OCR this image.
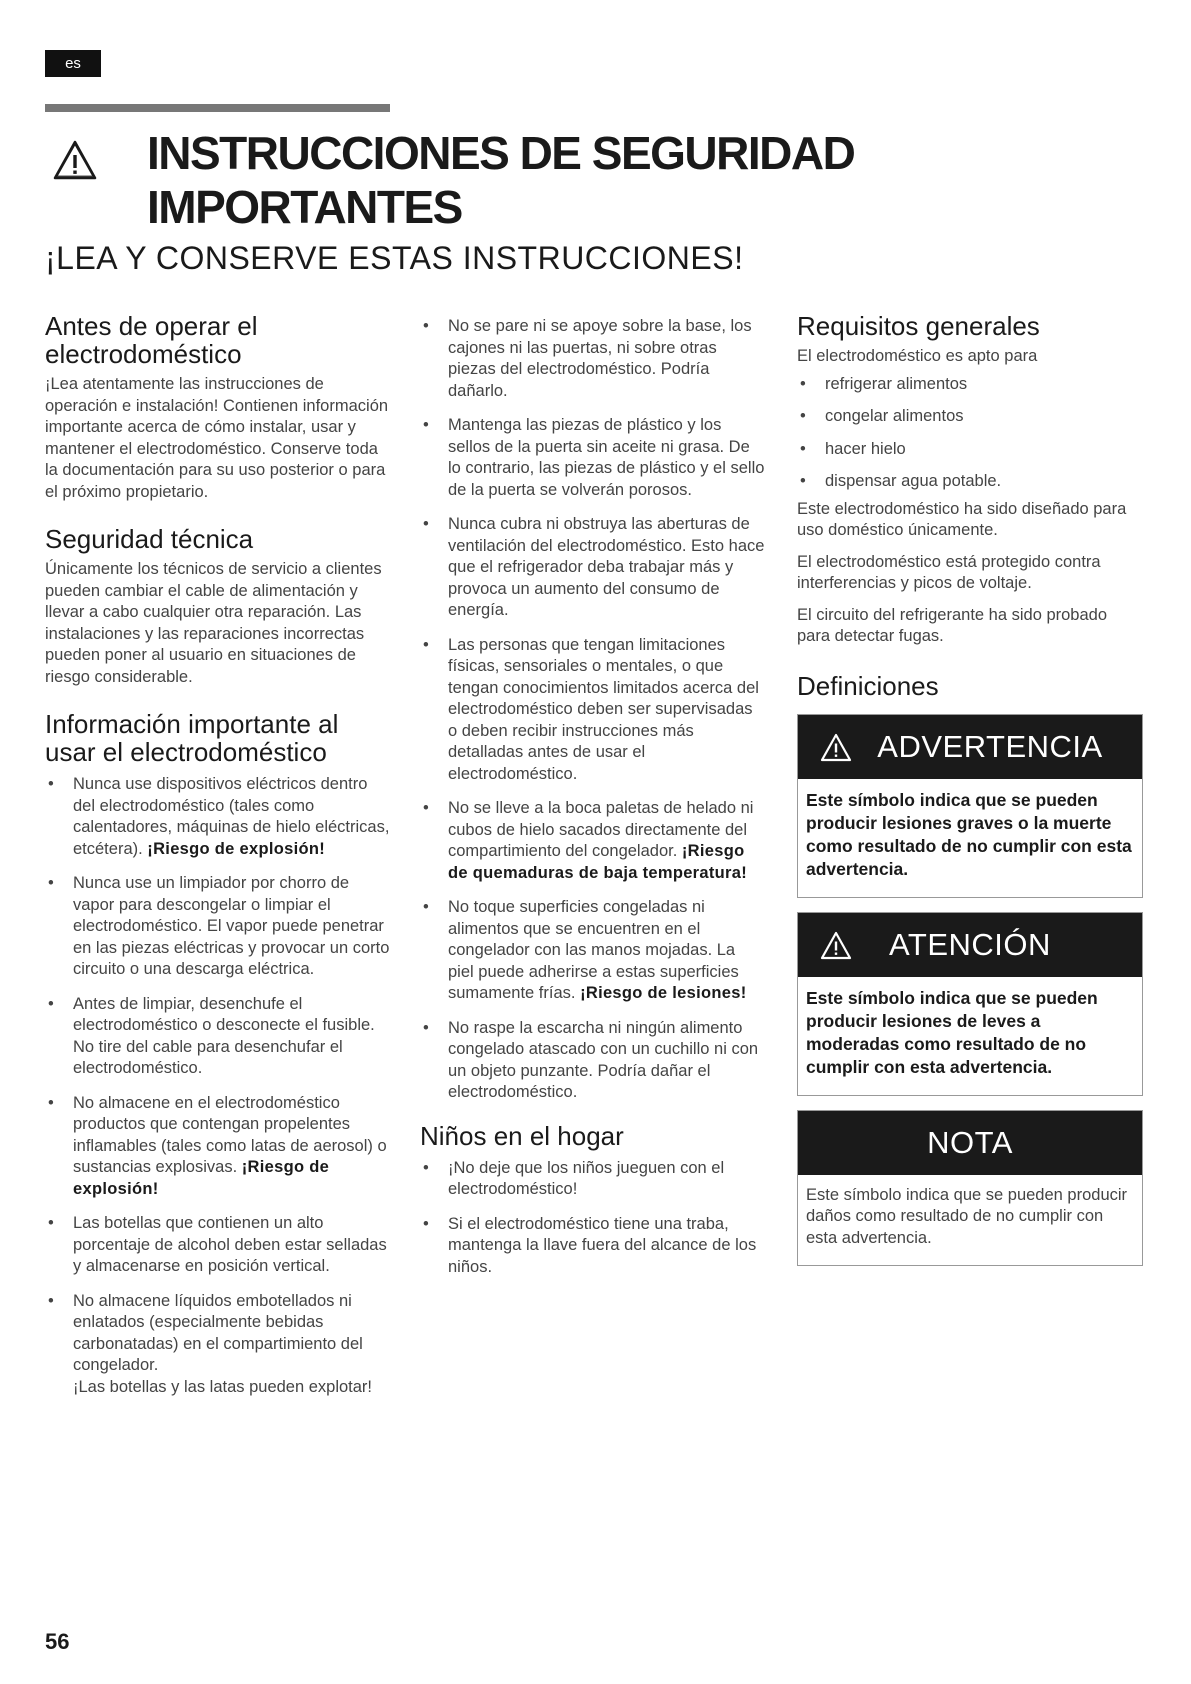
es
INSTRUCCIONES DE SEGURIDAD
IMPORTANTES
¡LEA Y CONSERVE ESTAS INSTRUCCIONES!
Antes de operar el electrodoméstico

¡Lea atentamente las instrucciones de operación e instalación! Contienen información importante acerca de cómo instalar, usar y mantener el electrodoméstico. Conserve toda la documentación para su uso posterior o para el próximo propietario.

Seguridad técnica

Únicamente los técnicos de servicio a clientes pueden cambiar el cable de alimentación y llevar a cabo cualquier otra reparación. Las instalaciones y las reparaciones incorrectas pueden poner al usuario en situaciones de riesgo considerable.

Información importante al usar el electrodoméstico
• Nunca use dispositivos eléctricos dentro del electrodoméstico (tales como calentadores, máquinas de hielo eléctricas, etcétera). ¡Riesgo de explosión!
• Nunca use un limpiador por chorro de vapor para descongelar o limpiar el electrodoméstico. El vapor puede penetrar en las piezas eléctricas y provocar un corto circuito o una descarga eléctrica.
• Antes de limpiar, desenchufe el electrodoméstico o desconecte el fusible.
No tire del cable para desenchufar el electrodoméstico.
• No almacene en el electrodoméstico productos que contengan propelentes inflamables (tales como latas de aerosol) o sustancias explosivas. ¡Riesgo de explosión!
• Las botellas que contienen un alto porcentaje de alcohol deben estar selladas y almacenarse en posición vertical.
• No almacene líquidos embotellados ni enlatados (especialmente bebidas carbonatadas) en el compartimiento del congelador.
¡Las botellas y las latas pueden explotar!
• No se pare ni se apoye sobre la base, los cajones ni las puertas, ni sobre otras piezas del electrodoméstico. Podría dañarlo.
• Mantenga las piezas de plástico y los sellos de la puerta sin aceite ni grasa. De lo contrario, las piezas de plástico y el sello de la puerta se volverán porosos.
• Nunca cubra ni obstruya las aberturas de ventilación del electrodoméstico. Esto hace que el refrigerador deba trabajar más y provoca un aumento del consumo de energía.
• Las personas que tengan limitaciones físicas, sensoriales o mentales, o que tengan conocimientos limitados acerca del electrodoméstico deben ser supervisadas o deben recibir instrucciones más detalladas antes de usar el electrodoméstico.
• No se lleve a la boca paletas de helado ni cubos de hielo sacados directamente del compartimiento del congelador. ¡Riesgo de quemaduras de baja temperatura!
• No toque superficies congeladas ni alimentos que se encuentren en el congelador con las manos mojadas. La piel puede adherirse a estas superficies sumamente frías. ¡Riesgo de lesiones!
• No raspe la escarcha ni ningún alimento congelado atascado con un cuchillo ni con un objeto punzante. Podría dañar el electrodoméstico.
Niños en el hogar
• ¡No deje que los niños jueguen con el electrodoméstico!
• Si el electrodoméstico tiene una traba, mantenga la llave fuera del alcance de los niños.
Requisitos generales

El electrodoméstico es apto para

• refrigerar alimentos
• congelar alimentos
• hacer hielo
• dispensar agua potable.

Este electrodoméstico ha sido diseñado para uso doméstico únicamente.

El electrodoméstico está protegido contra interferencias y picos de voltaje.

El circuito del refrigerante ha sido probado para detectar fugas.

Definiciones
ADVERTENCIA
Este símbolo indica que se pueden producir lesiones graves o la muerte como resultado de no cumplir con esta advertencia.
ATENCIÓN
Este símbolo indica que se pueden producir lesiones de leves a moderadas como resultado de no cumplir con esta advertencia.
NOTA
Este símbolo indica que se pueden producir daños como resultado de no cumplir con esta advertencia.
56
